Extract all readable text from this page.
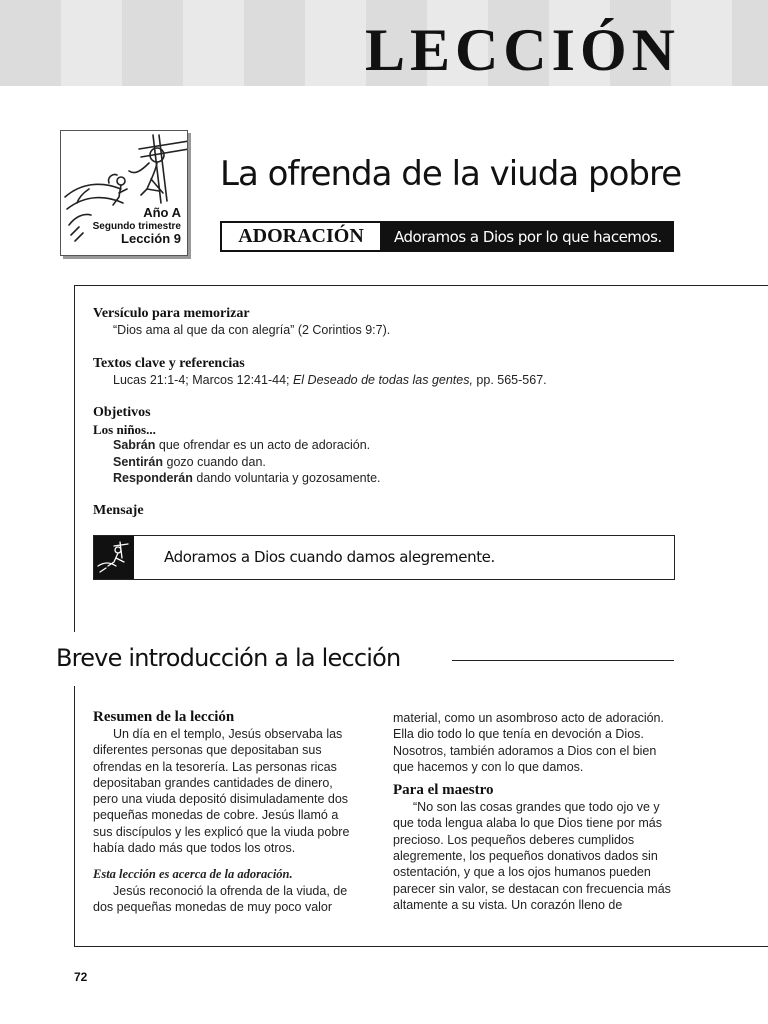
LECCIÓN
Año A
Segundo trimestre
Lección 9
La ofrenda de la viuda pobre
ADORACIÓN	Adoramos a Dios por lo que hacemos.
Versículo para memorizar
“Dios ama al que da con alegría” (2 Corintios 9:7).
Textos clave y referencias
Lucas 21:1-4; Marcos 12:41-44; El Deseado de todas las gentes, pp. 565-567.
Objetivos
Los niños...
Sabrán que ofrendar es un acto de adoración.
Sentirán gozo cuando dan.
Responderán dando voluntaria y gozosamente.
Mensaje
Adoramos a Dios cuando damos alegremente.
Breve introducción a la lección
Resumen de la lección

Un día en el templo, Jesús observaba las diferentes personas que depositaban sus ofrendas en la tesorería. Las personas ricas depositaban grandes cantidades de dinero, pero una viuda depositó disimuladamente dos pequeñas monedas de cobre. Jesús llamó a sus discípulos y les explicó que la viuda pobre había dado más que todos los otros.

Esta lección es acerca de la adoración.

Jesús reconoció la ofrenda de la viuda, de dos pequeñas monedas de muy poco valor

material, como un asombroso acto de adoración. Ella dio todo lo que tenía en devoción a Dios. Nosotros, también adoramos a Dios con el bien que hacemos y con lo que damos.

Para el maestro

“No son las cosas grandes que todo ojo ve y que toda lengua alaba lo que Dios tiene por más precioso. Los pequeños deberes cumplidos alegremente, los pequeños donativos dados sin ostentación, y que a los ojos humanos pueden parecer sin valor, se destacan con frecuencia más altamente a su vista. Un corazón lleno de

72
